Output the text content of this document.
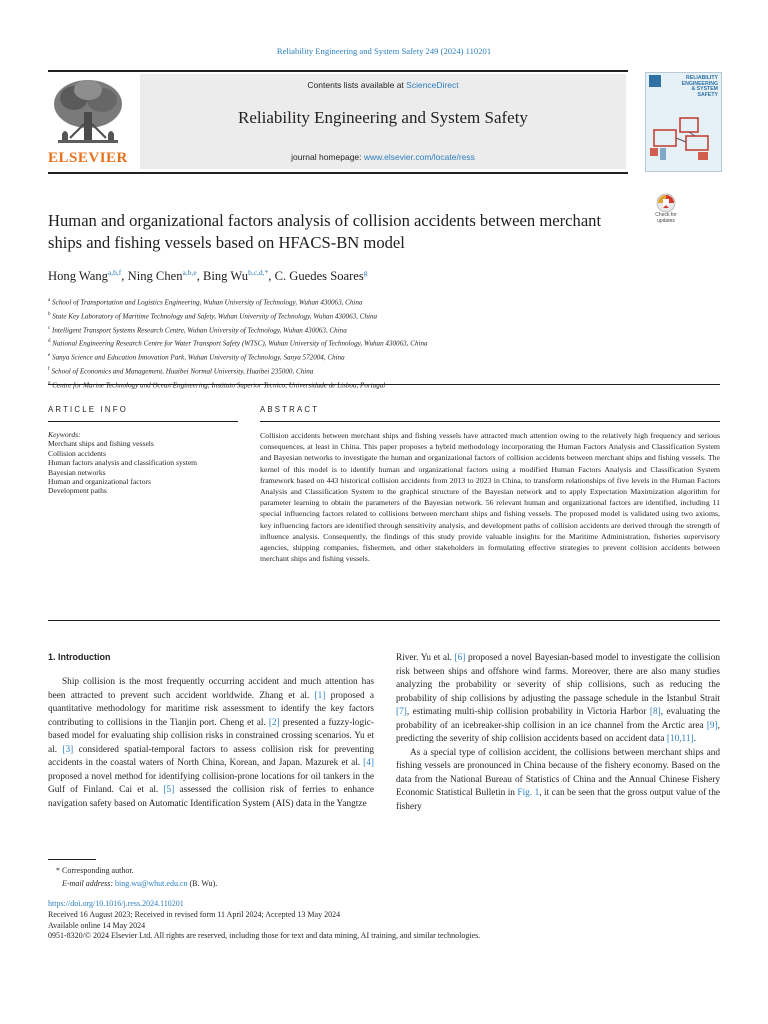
Reliability Engineering and System Safety 249 (2024) 110201
ELSEVIER
Contents lists available at ScienceDirect
Reliability Engineering and System Safety
journal homepage: www.elsevier.com/locate/ress
RELIABILITY
ENGINEERING
& SYSTEM
SAFETY
Check for
updates
Human and organizational factors analysis of collision accidents between merchant ships and fishing vessels based on HFACS-BN model
Hong Wang$^{a,b,f}$, Ning Chen$^{a,b,e}$, Bing $Wu^{b,c,d,*}$, C. Guedes Soares$^g$
$^a$ School of Transportation and Logistics Engineering, Wuhan University of Technology, Wuhan 430063, China
$^b$ State Key Laboratory of Maritime Technology and Safety, Wuhan University of Technology, Wuhan 430063, China
$^c$ Intelligent Transport Systems Research Centre, Wuhan University of Technology, Wuhan 430063, China
$^d$ National Engineering Research Centre for Water Transport Safety (WTSC), Wuhan University of Technology, Wuhan 430063, China
$^e$ Sanya Science and Education Innovation Park, Wuhan University of Technology, Sanya 572004, China
$^f$ School of Economics and Management, Huaibei Normal University, Huaibei 235000, China
ARTICLE INFO	ABSTRACT
Keywords:
Merchant ships and fishing vessels
Collision accidents
Human factors analysis and classification system
Bayesian networks
Human and organizational factors
Development paths
Collision accidents between merchant ships and fishing vessels have attracted much attention owing to the relatively high frequency and serious consequences, at least in China. This paper proposes a hybrid methodology incorporating the Human Factors Analysis and Classification System and Bayesian networks to investigate the human and organizational factors of collision accidents between merchant ships and fishing vessels. The kernel of this model is to identify human and organizational factors using a modified Human Factors Analysis and Classification System framework based on 443 historical collision accidents from 2013 to 2023 in China, to transform relationships of five levels in the Human Factors Analysis and Classification System to the graphical structure of the Bayesian network and to apply Expectation Maximization algorithm for parameter learning to obtain the parameters of the Bayesian network. 56 relevant human and organizational factors are identified, including 11 special influencing factors related to collisions between merchant ships and fishing vessels. The proposed model is validated using two axioms, key influencing factors are identified through sensitivity analysis, and development paths of collision accidents are derived through the strength of influence analysis. Consequently, the findings of this study provide valuable insights for the Maritime Administration, fisheries supervisory agencies, shipping companies, fishermen, and other stakeholders in formulating effective strategies to prevent collision accidents between merchant ships and fishing vessels.
1. Introduction

Ship collision is the most frequently occurring accident and much attention has been attracted to prevent such accident worldwide. Zhang et al. [1] proposed a quantitative methodology for maritime risk assessment to identify the key factors contributing to collisions in the Tianjin port. Cheng et al. [2] presented a fuzzy-logic-based model for evaluating ship collision risks in constrained crossing scenarios. Yu et al. [3] considered spatial-temporal factors to assess collision risk for preventing accidents in the coastal waters of North China, Korean, and Japan. Mazurek et al. [4] proposed a novel method for identifying collision-prone locations for oil tankers in the Gulf of Finland. Cai et al. [5] assessed the collision risk of ferries to enhance navigation safety based on Automatic Identification System (AIS) data in the Yangtze

River. Yu et al. [6] proposed a novel Bayesian-based model to investigate the collision risk between ships and offshore wind farms. Moreover, there are also many studies analyzing the probability or severity of ship collisions, such as reducing the probability of ship collisions by adjusting the passage schedule in the Istanbul Strait [7], estimating multi-ship collision probability in Victoria Harbor [8], evaluating the probability of an icebreaker-ship collision in an ice channel from the Arctic area [9], predicting the severity of ship collision accidents based on accident data [10,11].

As a special type of collision accident, the collisions between merchant ships and fishing vessels are pronounced in China because of the fishery economy. Based on the data from the National Bureau of Statistics of China and the Annual Chinese Fishery Economic Statistical Bulletin in Fig. 1, it can be seen that the gross output value of the fishery

* Corresponding author.
E-mail address: bing.wu@whut.edu.cn (B. Wu).
https://doi.org/10.1016/j.ress.2024.110201
Received 16 August 2023; Received in revised form 11 April 2024; Accepted 13 May 2024
Available online 14 May 2024
0951-8320/© 2024 Elsevier Ltd. All rights are reserved, including those for text and data mining, AI training, and similar technologies.
